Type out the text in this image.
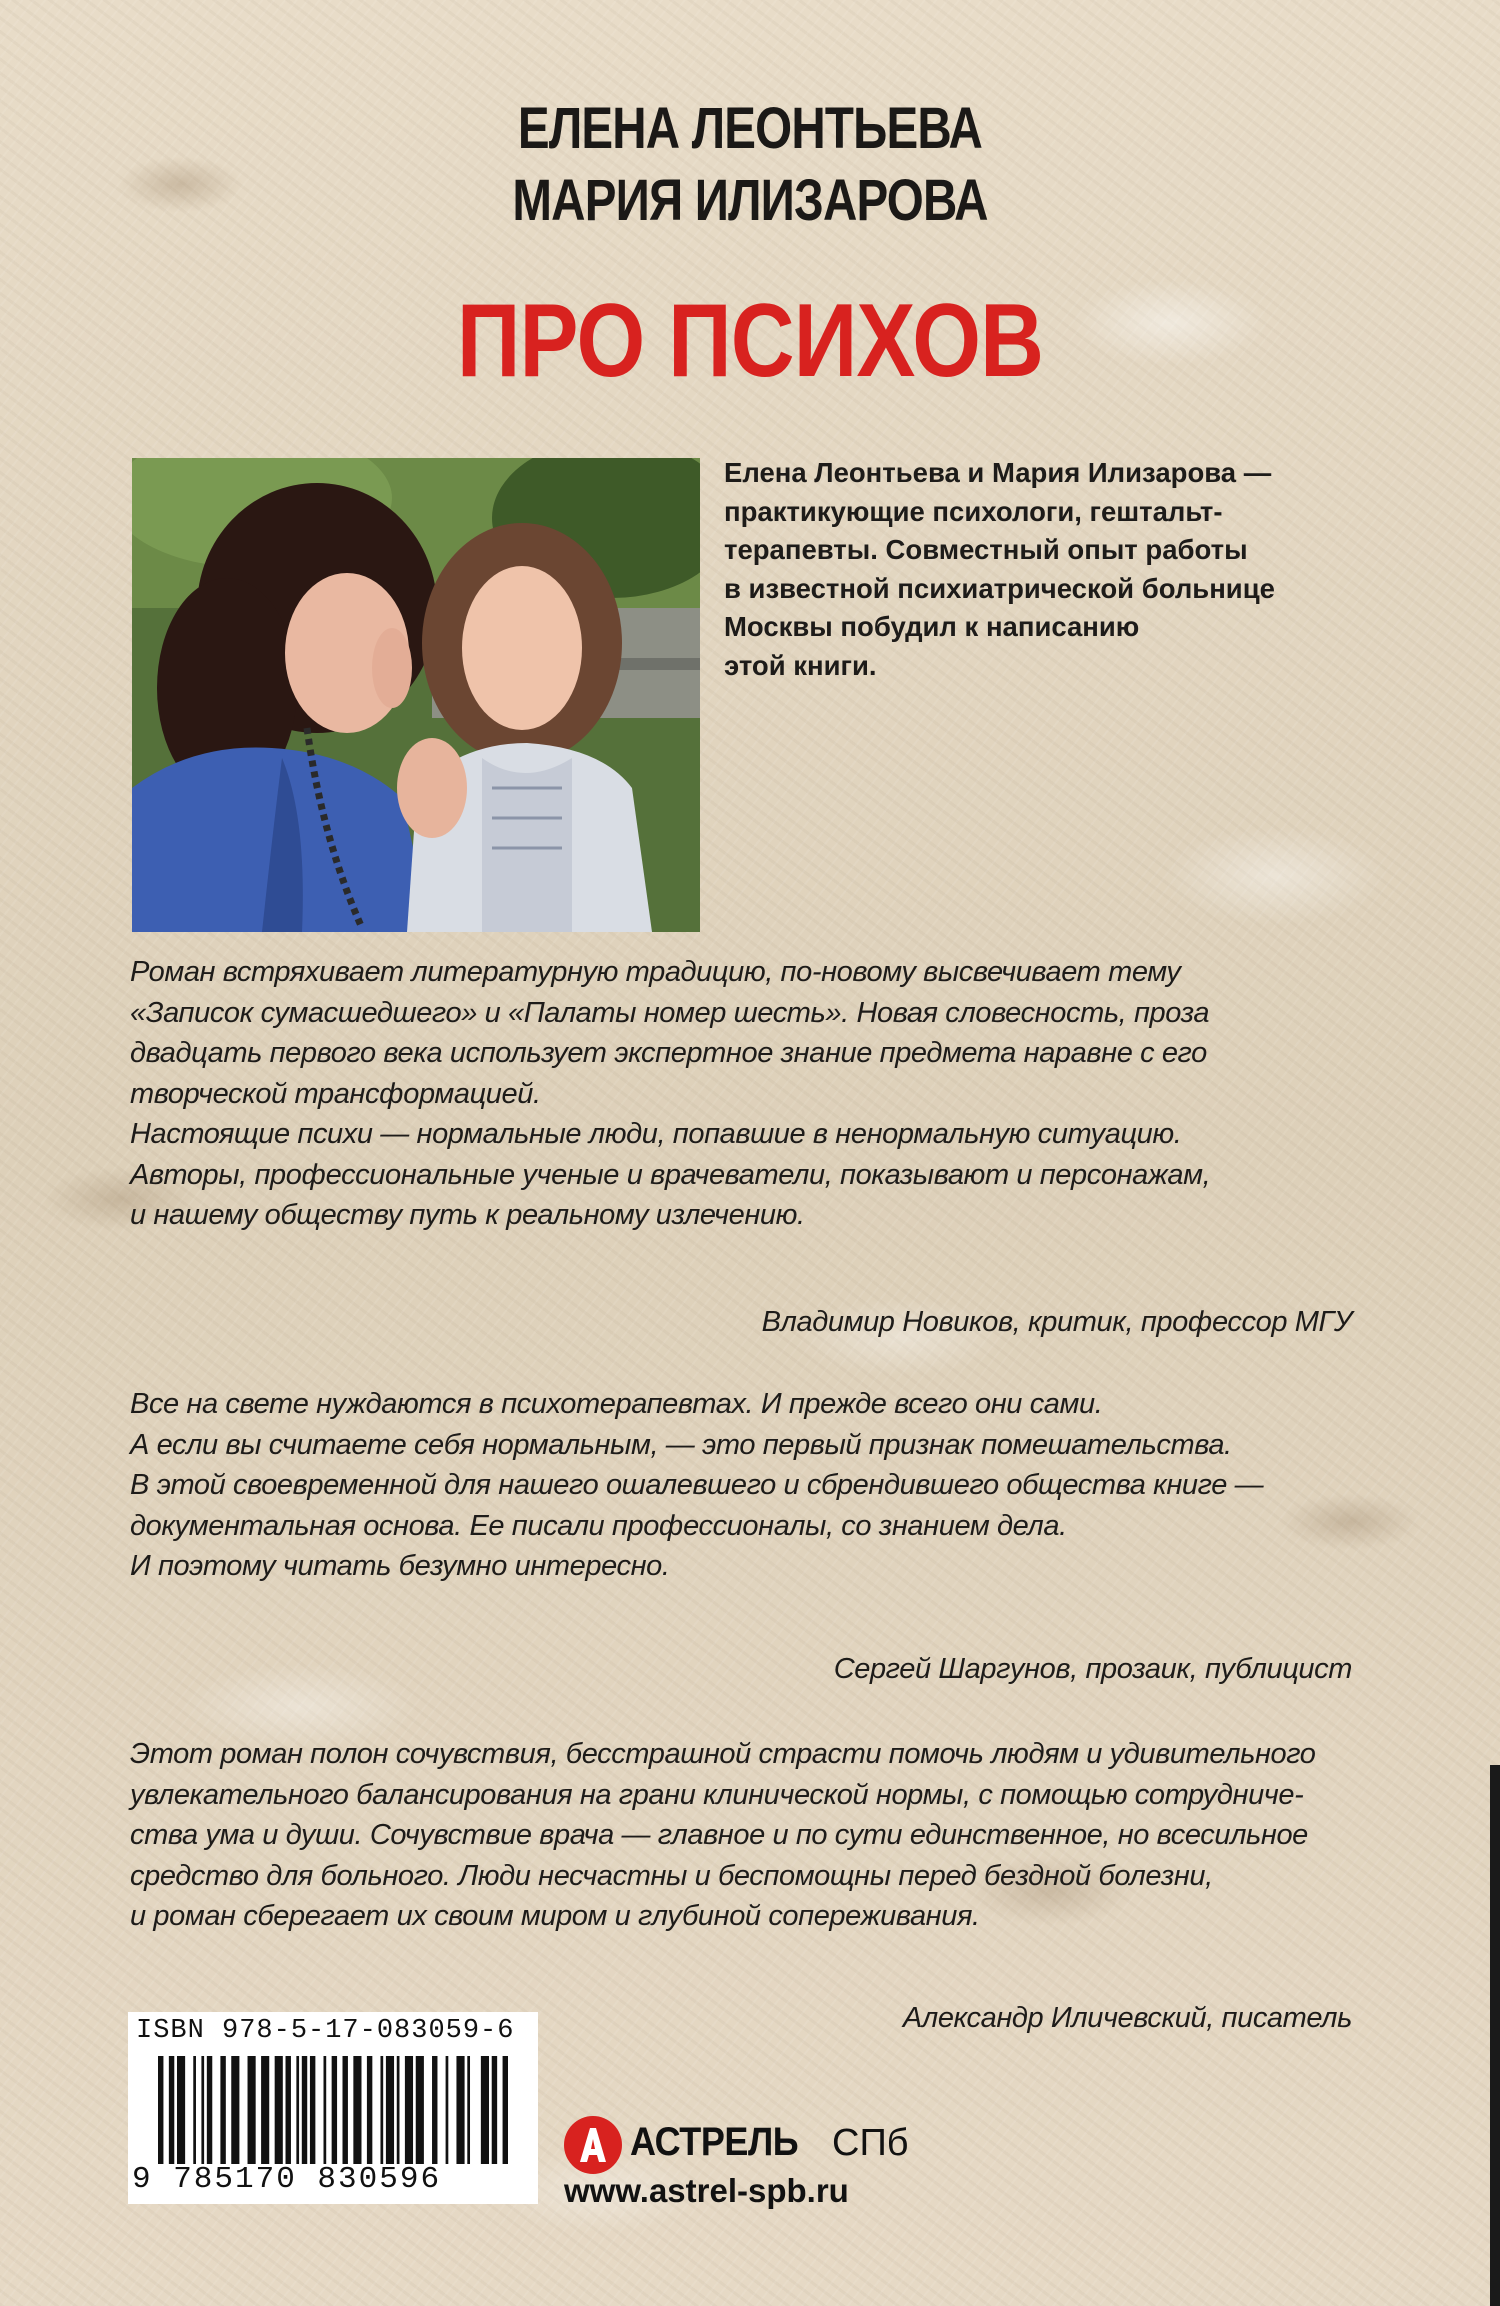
ЕЛЕНА ЛЕОНТЬЕВА
МАРИЯ ИЛИЗАРОВА
ПРО ПСИХОВ
Елена Леонтьева и Мария Илизарова —
практикующие психологи, гештальт-
терапевты. Совместный опыт работы
в известной психиатрической больнице
Москвы побудил к написанию
этой книги.
Роман встряхивает литературную традицию, по-новому высвечивает тему
«Записок сумасшедшего» и «Палаты номер шесть». Новая словесность, проза
двадцать первого века использует экспертное знание предмета наравне с его
творческой трансформацией.
Настоящие психи — нормальные люди, попавшие в ненормальную ситуацию.
Авторы, профессиональные ученые и врачеватели, показывают и персонажам,
и нашему обществу путь к реальному излечению.
Владимир Новиков, критик, профессор МГУ
Все на свете нуждаются в психотерапевтах. И прежде всего они сами.
А если вы считаете себя нормальным, — это первый признак помешательства.
В этой своевременной для нашего ошалевшего и сбрендившего общества книге —
документальная основа. Ее писали профессионалы, со знанием дела.
И поэтому читать безумно интересно.
Сергей Шаргунов, прозаик, публицист
Этот роман полон сочувствия, бесстрашной страсти помочь людям и удивительного
увлекательного балансирования на грани клинической нормы, с помощью сотрудниче-
ства ума и души. Сочувствие врача — главное и по сути единственное, но всесильное
средство для больного. Люди несчастны и беспомощны перед бездной болезни,
и роман сберегает их своим миром и глубиной сопереживания.
Александр Иличевский, писатель
ISBN 978-5-17-083059-6
9 785170 830596
АСТРЕЛЬ СПб
www.astrel-spb.ru
